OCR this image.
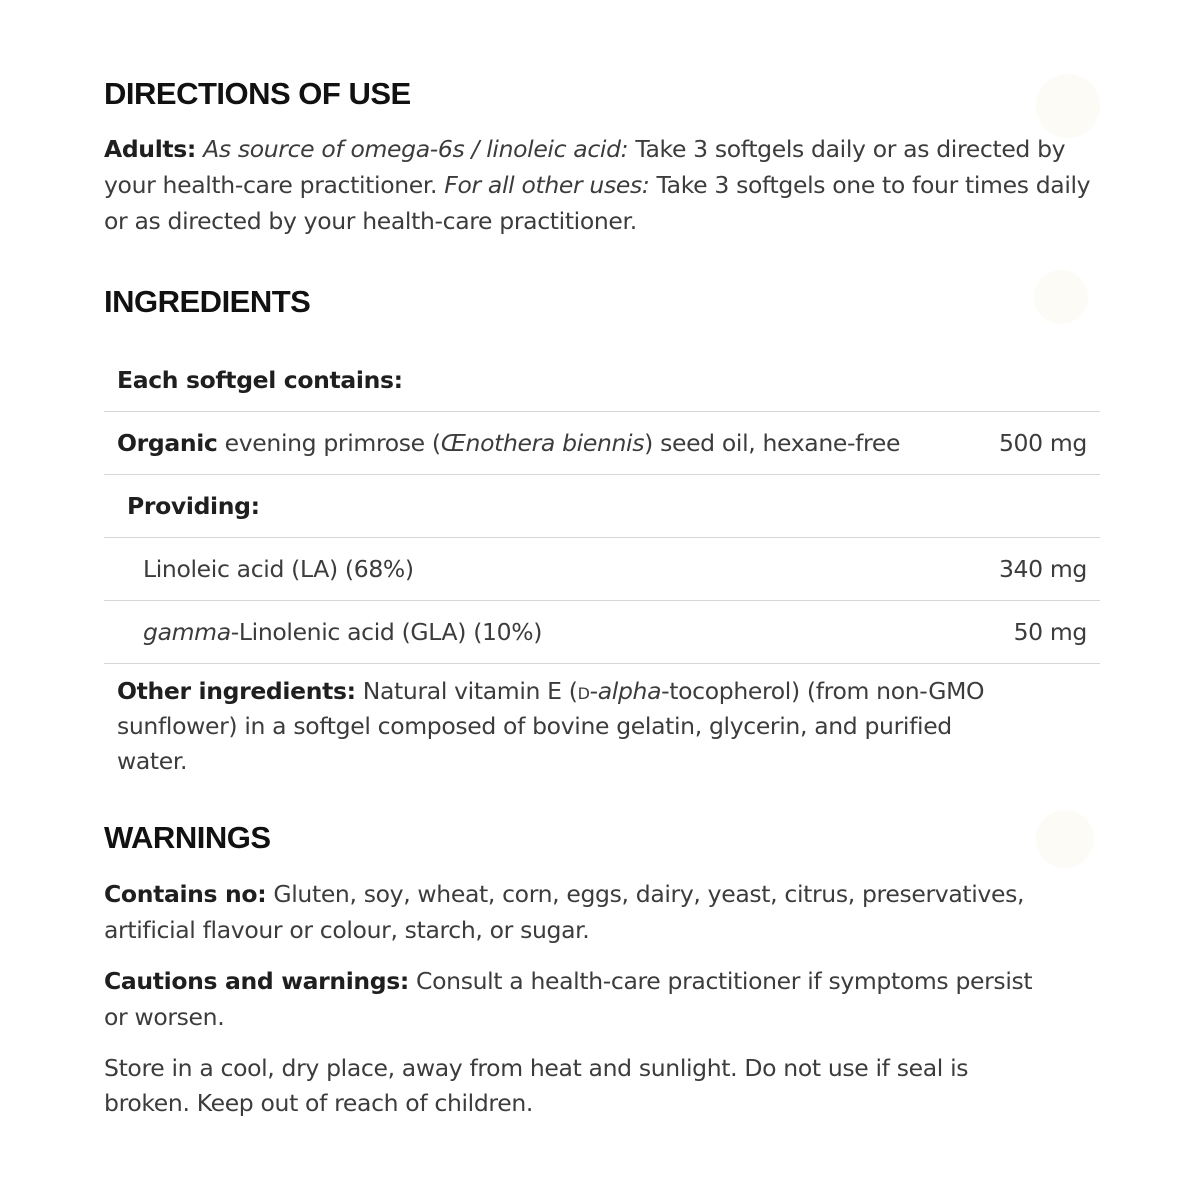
DIRECTIONS OF USE

Adults: As source of omega-6s / linoleic acid: Take 3 softgels daily or as directed by your health-care practitioner. For all other uses: Take 3 softgels one to four times daily or as directed by your health-care practitioner.

INGREDIENTS
Each softgel contains:
Organic evening primrose (Œnothera biennis) seed oil, hexane-free	500 mg
Providing:
Linoleic acid (LA) (68%)	340 mg
gamma-Linolenic acid (GLA) (10%)	50 mg

Other ingredients: Natural vitamin E (d-alpha-tocopherol) (from non-GMO sunflower) in a softgel composed of bovine gelatin, glycerin, and purified water.

WARNINGS

Contains no: Gluten, soy, wheat, corn, eggs, dairy, yeast, citrus, preservatives, artificial flavour or colour, starch, or sugar.

Cautions and warnings: Consult a health-care practitioner if symptoms persist or worsen.

Store in a cool, dry place, away from heat and sunlight. Do not use if seal is broken. Keep out of reach of children.
